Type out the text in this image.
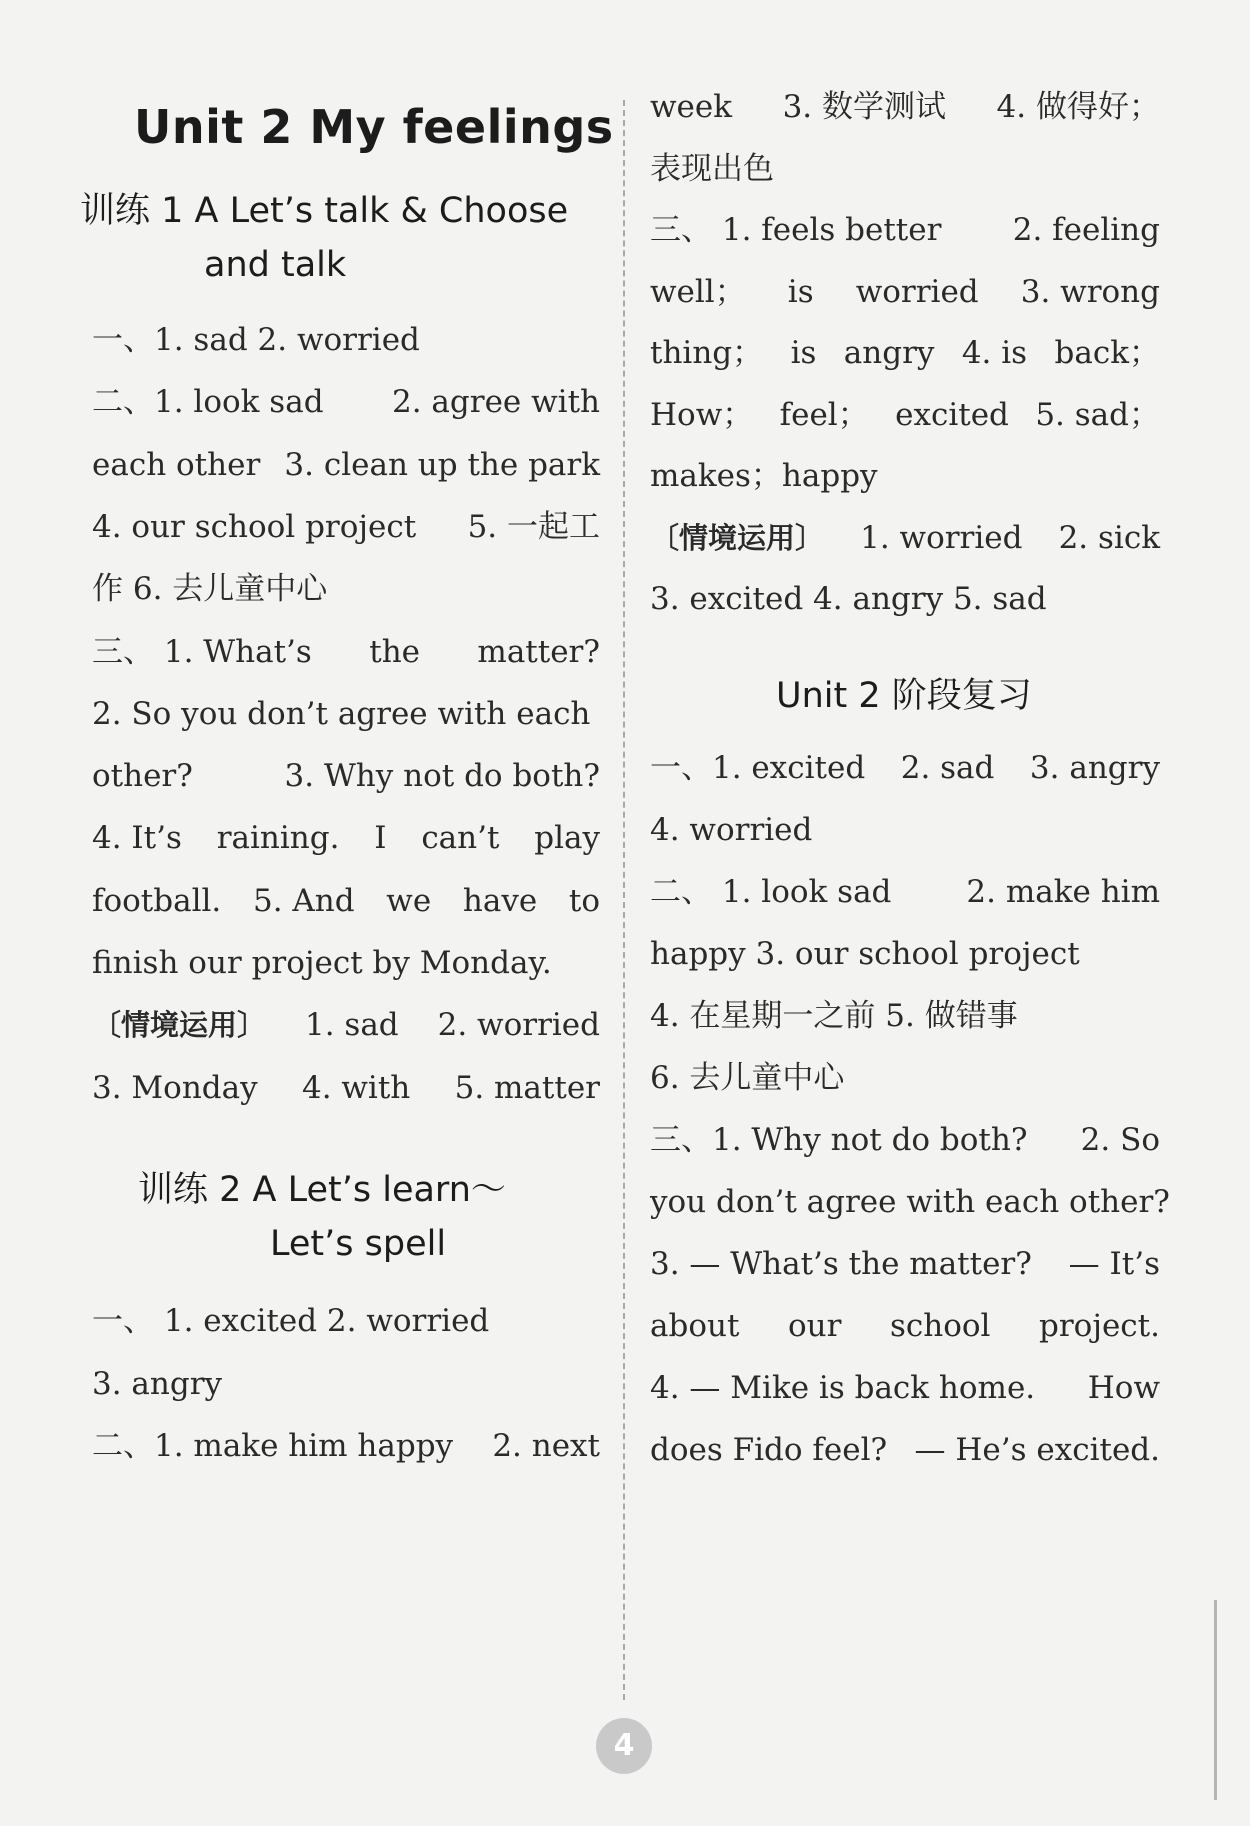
Unit 2 My feelings
训练 1 A Let’s talk & Choose
and talk
一、1. sad 2. worried
二、1. look sad 2. agree with
each other 3. clean up the park
4. our school project 5. 一起工
作 6. 去儿童中心
三、 1. What’s the matter?
2. So you don’t agree with each
other?	3. Why not do both?
4. It’s raining. I can’t play
football. 5. And we have to
finish our project by Monday.
〔情境运用〕 1. sad 2. worried
3. Monday 4. with 5. matter
训练 2 A Let’s learn～
Let’s spell
一、 1. excited 2. worried
3. angry
二、1. make him happy 2. next
week 3. 数学测试 4. 做得好；
表现出色
三、 1. feels better 2. feeling
well； is worried 3. wrong
thing； is angry 4. is back；
How； feel； excited 5. sad；
makes；happy
〔情境运用〕 1. worried 2. sick
3. excited 4. angry 5. sad
Unit 2 阶段复习
一、1. excited 2. sad 3. angry
4. worried
二、 1. look sad 2. make him
happy 3. our school project
4. 在星期一之前 5. 做错事
6. 去儿童中心
三、1. Why not do both? 2. So
you don’t agree with each other?
3. — What’s the matter? — It’s
about our school project.
4. — Mike is back home. How
does Fido feel? — He’s excited.
4
